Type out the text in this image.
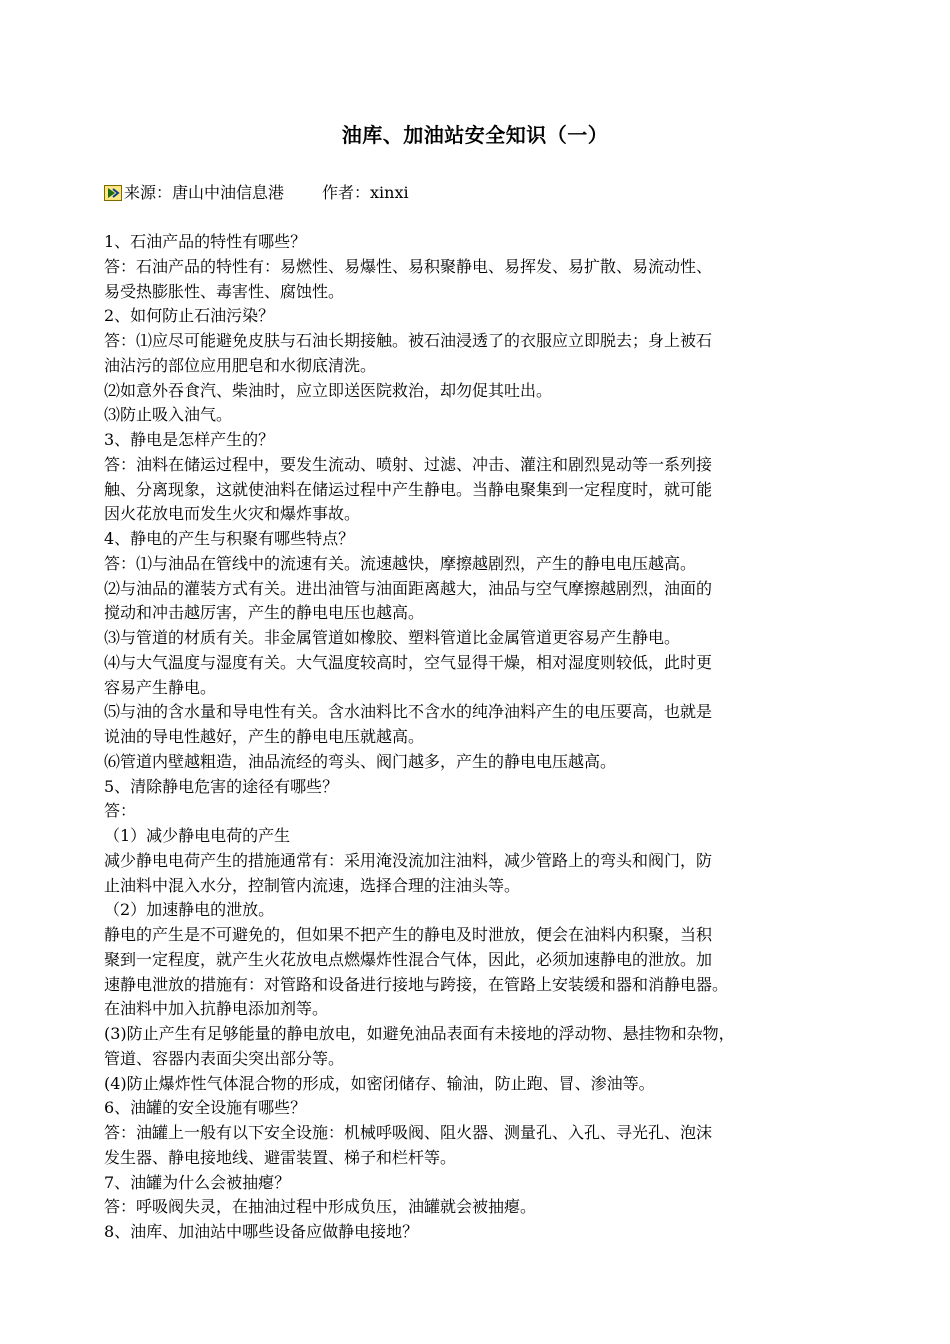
油库、加油站安全知识（一）
来源：唐山中油信息港 作者：xinxi

1、石油产品的特性有哪些？

答：石油产品的特性有：易燃性、易爆性、易积聚静电、易挥发、易扩散、易流动性、

易受热膨胀性、毒害性、腐蚀性。

2、如何防止石油污染？

答：⑴应尽可能避免皮肤与石油长期接触。被石油浸透了的衣服应立即脱去；身上被石

油沾污的部位应用肥皂和水彻底清洗。

⑵如意外吞食汽、柴油时，应立即送医院救治，却勿促其吐出。

⑶防止吸入油气。

3、静电是怎样产生的？

答：油料在储运过程中，要发生流动、喷射、过滤、冲击、灌注和剧烈晃动等一系列接

触、分离现象，这就使油料在储运过程中产生静电。当静电聚集到一定程度时，就可能

因火花放电而发生火灾和爆炸事故。

4、静电的产生与积聚有哪些特点？

答：⑴与油品在管线中的流速有关。流速越快，摩擦越剧烈，产生的静电电压越高。

⑵与油品的灌装方式有关。进出油管与油面距离越大，油品与空气摩擦越剧烈，油面的

搅动和冲击越厉害，产生的静电电压也越高。

⑶与管道的材质有关。非金属管道如橡胶、塑料管道比金属管道更容易产生静电。

⑷与大气温度与湿度有关。大气温度较高时，空气显得干燥，相对湿度则较低，此时更

容易产生静电。

⑸与油的含水量和导电性有关。含水油料比不含水的纯净油料产生的电压要高，也就是

说油的导电性越好，产生的静电电压就越高。

⑹管道内壁越粗造，油品流经的弯头、阀门越多，产生的静电电压越高。

5、清除静电危害的途径有哪些？

答：

（1）减少静电电荷的产生

减少静电电荷产生的措施通常有：采用淹没流加注油料，减少管路上的弯头和阀门，防

止油料中混入水分，控制管内流速，选择合理的注油头等。

（2）加速静电的泄放。

静电的产生是不可避免的，但如果不把产生的静电及时泄放，便会在油料内积聚，当积

聚到一定程度，就产生火花放电点燃爆炸性混合气体，因此，必须加速静电的泄放。加

速静电泄放的措施有：对管路和设备进行接地与跨接，在管路上安装缓和器和消静电器。

在油料中加入抗静电添加剂等。

(3)防止产生有足够能量的静电放电，如避免油品表面有未接地的浮动物、悬挂物和杂物，

管道、容器内表面尖突出部分等。

(4)防止爆炸性气体混合物的形成，如密闭储存、输油，防止跑、冒、渗油等。

6、油罐的安全设施有哪些？

答：油罐上一般有以下安全设施：机械呼吸阀、阻火器、测量孔、入孔、寻光孔、泡沫

发生器、静电接地线、避雷装置、梯子和栏杆等。

7、油罐为什么会被抽瘪？

答：呼吸阀失灵，在抽油过程中形成负压，油罐就会被抽瘪。

8、油库、加油站中哪些设备应做静电接地？
